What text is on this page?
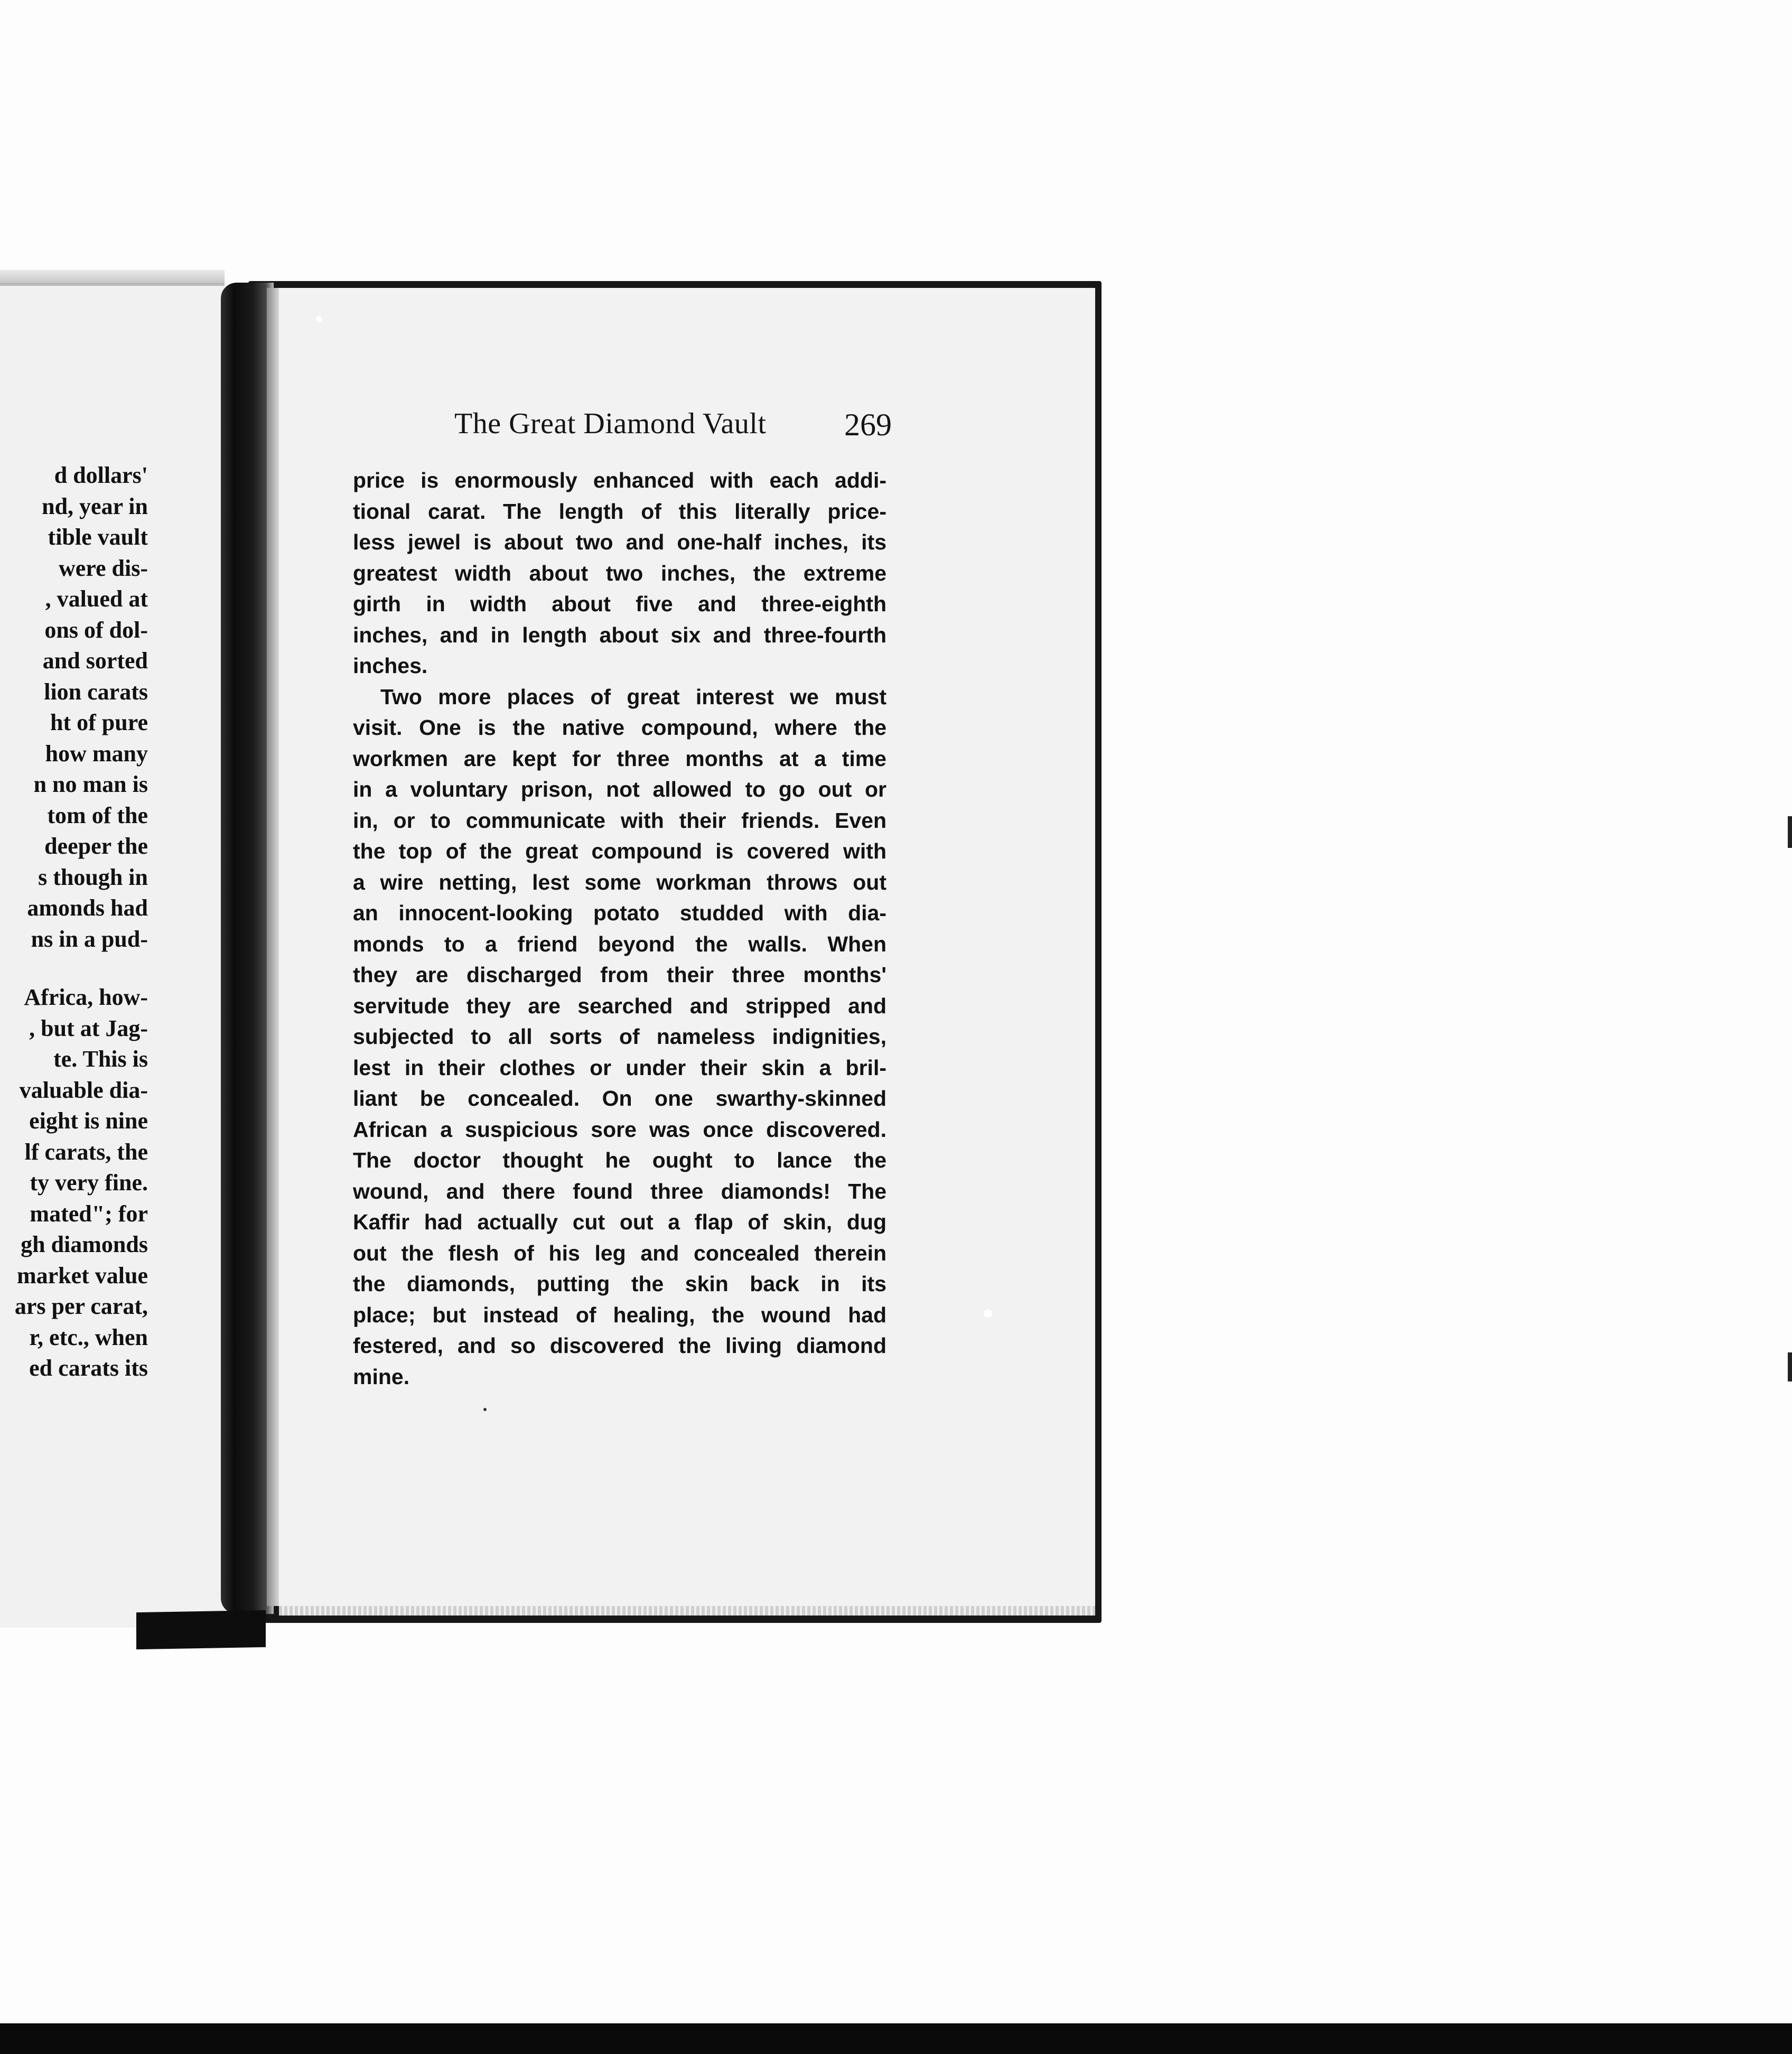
d dollars'
nd, year in
tible vault
were dis-
, valued at
ons of dol-
and sorted
lion carats
ht of pure
how many
n no man is
tom of the
deeper the
s though in
amonds had
ns in a pud-
Africa, how-
, but at Jag-
te. This is
valuable dia-
eight is nine
lf carats, the
ty very fine.
mated"; for
gh diamonds
market value
ars per carat,
r, etc., when
ed carats its
The Great Diamond Vault 269
price is enormously enhanced with each addi-
tional carat. The length of this literally price-
less jewel is about two and one-half inches, its
greatest width about two inches, the extreme
girth in width about five and three-eighth
inches, and in length about six and three-fourth
inches.
Two more places of great interest we must
visit. One is the native compound, where the
workmen are kept for three months at a time
in a voluntary prison, not allowed to go out or
in, or to communicate with their friends. Even
the top of the great compound is covered with
a wire netting, lest some workman throws out
an innocent-looking potato studded with dia-
monds to a friend beyond the walls. When
they are discharged from their three months'
servitude they are searched and stripped and
subjected to all sorts of nameless indignities,
lest in their clothes or under their skin a bril-
liant be concealed. On one swarthy-skinned
African a suspicious sore was once discovered.
The doctor thought he ought to lance the
wound, and there found three diamonds! The
Kaffir had actually cut out a flap of skin, dug
out the flesh of his leg and concealed therein
the diamonds, putting the skin back in its
place; but instead of healing, the wound had
festered, and so discovered the living diamond
mine.
